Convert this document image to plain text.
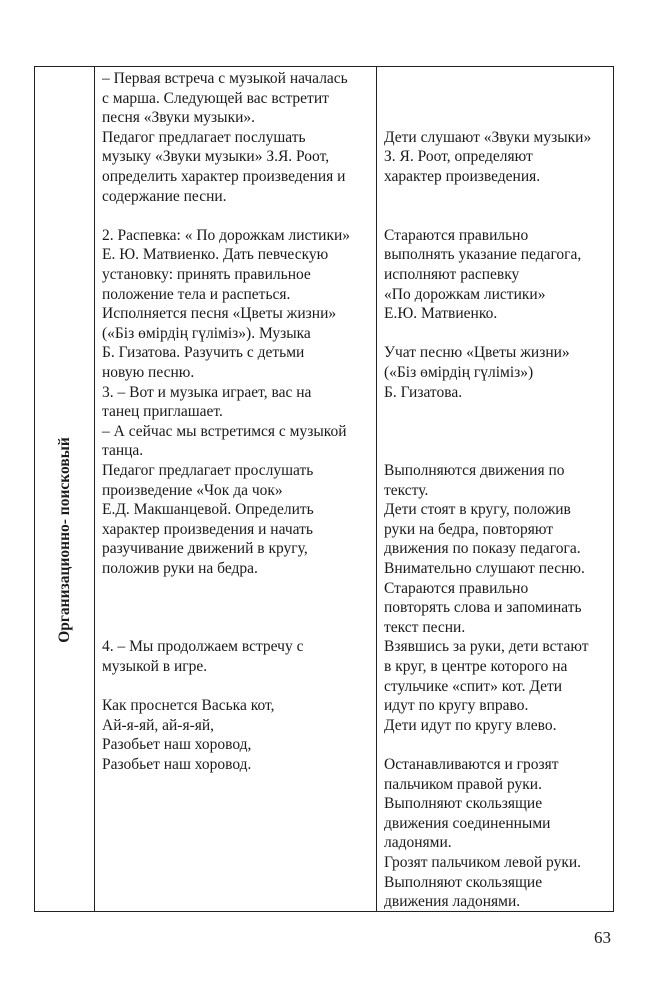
Организационно- поисковый
– Первая встреча с музыкой началась
с марша. Следующей вас встретит
песня «Звуки музыки».
Педагог предлагает послушать
музыку «Звуки музыки» З.Я. Роот,
определить характер произведения и
содержание песни.
2. Распевка: « По дорожкам листики»
Е. Ю. Матвиенко. Дать певческую
установку: принять правильное
положение тела и распеться.
Исполняется песня «Цветы жизни»
(«Біз өмірдің гүліміз»). Музыка
Б. Гизатова. Разучить с детьми
новую песню.
3. – Вот и музыка играет, вас на
танец приглашает.
– А сейчас мы встретимся с музыкой
танца.
Педагог предлагает прослушать
произведение «Чок да чок»
Е.Д. Макшанцевой. Определить
характер произведения и начать
разучивание движений в кругу,
положив руки на бедра.
4. – Мы продолжаем встречу с
музыкой в игре.
Как проснется Васька кот,
Ай-я-яй, ай-я-яй,
Разобьет наш хоровод,
Разобьет наш хоровод.
Дети слушают «Звуки музыки»
З. Я. Роот, определяют
характер произведения.
Стараются правильно
выполнять указание педагога,
исполняют распевку
«По дорожкам листики»
Е.Ю. Матвиенко.
Учат песню «Цветы жизни»
(«Біз өмірдің гүліміз»)
Б. Гизатова.
Выполняются движения по
тексту.
Дети стоят в кругу, положив
руки на бедра, повторяют
движения по показу педагога.
Внимательно слушают песню.
Стараются правильно
повторять слова и запоминать
текст песни.
Взявшись за руки, дети встают
в круг, в центре которого на
стульчике «спит» кот. Дети
идут по кругу вправо.
Дети идут по кругу влево.
Останавливаются и грозят
пальчиком правой руки.
Выполняют скользящие
движения соединенными
ладонями.
Грозят пальчиком левой руки.
Выполняют скользящие
движения ладонями.
63
